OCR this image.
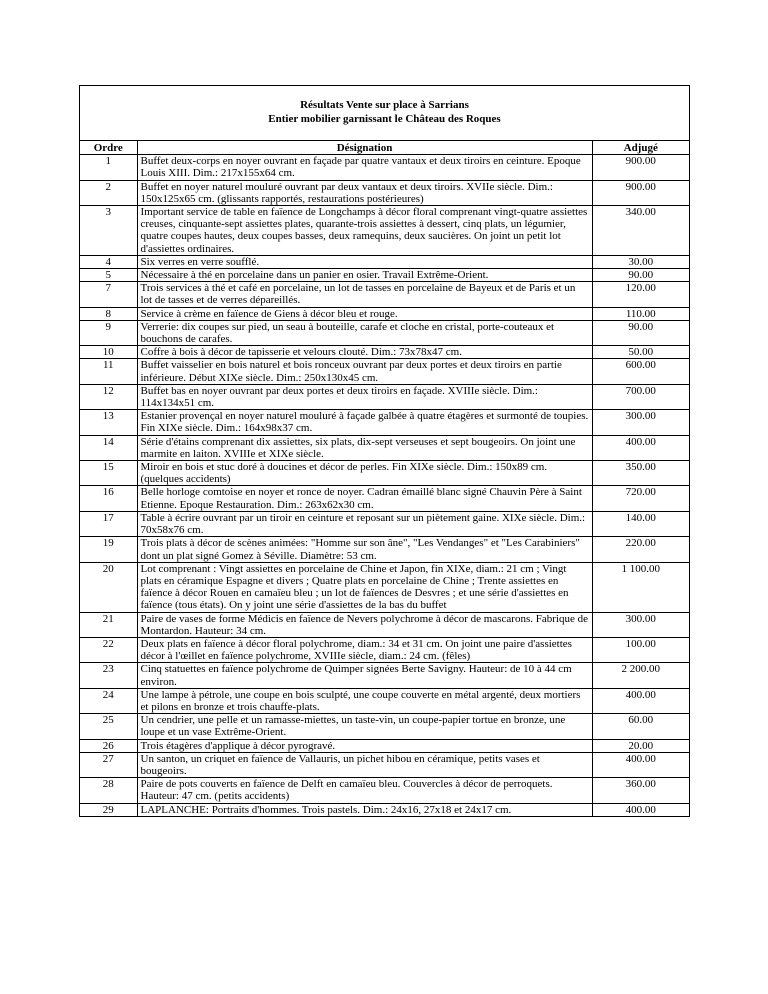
Résultats Vente sur place à Sarrians
Entier mobilier garnissant le Château des Roques
Ordre	Désignation	Adjugé
1	Buffet deux-corps en noyer ouvrant en façade par quatre vantaux et deux tiroirs en ceinture. Epoque Louis XIII. Dim.: 217x155x64 cm.	900.00
2	Buffet en noyer naturel mouluré ouvrant par deux vantaux et deux tiroirs. XVIIe siècle. Dim.: 150x125x65 cm. (glissants rapportés, restaurations postérieures)	900.00
3	Important service de table en faïence de Longchamps à décor floral comprenant vingt-quatre assiettes creuses, cinquante-sept assiettes plates, quarante-trois assiettes à dessert, cinq plats, un légumier, quatre coupes hautes, deux coupes basses, deux ramequins, deux saucières. On joint un petit lot d'assiettes ordinaires.	340.00
4	Six verres en verre soufflé.	30.00
5	Nécessaire à thé en porcelaine dans un panier en osier. Travail Extrême-Orient.	90.00
7	Trois services à thé et café en porcelaine, un lot de tasses en porcelaine de Bayeux et de Paris et un lot de tasses et de verres dépareillés.	120.00
8	Service à crème en faïence de Giens à décor bleu et rouge.	110.00
9	Verrerie: dix coupes sur pied, un seau à bouteille, carafe et cloche en cristal, porte-couteaux et bouchons de carafes.	90.00
10	Coffre à bois à décor de tapisserie et velours clouté. Dim.: 73x78x47 cm.	50.00
11	Buffet vaisselier en bois naturel et bois ronceux ouvrant par deux portes et deux tiroirs en partie inférieure. Début XIXe siècle. Dim.: 250x130x45 cm.	600.00
12	Buffet bas en noyer ouvrant par deux portes et deux tiroirs en façade. XVIIIe siècle. Dim.: 114x134x51 cm.	700.00
13	Estanier provençal en noyer naturel mouluré à façade galbée à quatre étagères et surmonté de toupies. Fin XIXe siècle. Dim.: 164x98x37 cm.	300.00
14	Série d'étains comprenant dix assiettes, six plats, dix-sept verseuses et sept bougeoirs. On joint une marmite en laiton. XVIIIe et XIXe siècle.	400.00
15	Miroir en bois et stuc doré à doucines et décor de perles. Fin XIXe siècle. Dim.: 150x89 cm. (quelques accidents)	350.00
16	Belle horloge comtoise en noyer et ronce de noyer. Cadran émaillé blanc signé Chauvin Père à Saint Etienne. Epoque Restauration. Dim.: 263x62x30 cm.	720.00
17	Table à écrire ouvrant par un tiroir en ceinture et reposant sur un piètement gaine. XIXe siècle. Dim.: 70x58x76 cm.	140.00
19	Trois plats à décor de scènes animées: "Homme sur son âne", "Les Vendanges" et "Les Carabiniers" dont un plat signé Gomez à Séville. Diamètre: 53 cm.	220.00
20	Lot comprenant : Vingt assiettes en porcelaine de Chine et Japon, fin XIXe, diam.: 21 cm ; Vingt plats en céramique Espagne et divers ; Quatre plats en porcelaine de Chine ; Trente assiettes en faïence à décor Rouen en camaïeu bleu ; un lot de faïences de Desvres ; et une série d'assiettes en faïence (tous états). On y joint une série d'assiettes de la bas du buffet	1 100.00
21	Paire de vases de forme Médicis en faïence de Nevers polychrome à décor de mascarons. Fabrique de Montardon. Hauteur: 34 cm.	300.00
22	Deux plats en faïence à décor floral polychrome, diam.: 34 et 31 cm. On joint une paire d'assiettes décor à l'œillet en faïence polychrome, XVIIIe siècle, diam.: 24 cm. (fêles)	100.00
23	Cinq statuettes en faïence polychrome de Quimper signées Berte Savigny. Hauteur: de 10 à 44 cm environ.	2 200.00
24	Une lampe à pétrole, une coupe en bois sculpté, une coupe couverte en métal argenté, deux mortiers et pilons en bronze et trois chauffe-plats.	400.00
25	Un cendrier, une pelle et un ramasse-miettes, un taste-vin, un coupe-papier tortue en bronze, une loupe et un vase Extrême-Orient.	60.00
26	Trois étagères d'applique à décor pyrogravé.	20.00
27	Un santon, un criquet en faïence de Vallauris, un pichet hibou en céramique, petits vases et bougeoirs.	400.00
28	Paire de pots couverts en faïence de Delft en camaïeu bleu. Couvercles à décor de perroquets. Hauteur: 47 cm. (petits accidents)	360.00
29	LAPLANCHE: Portraits d'hommes. Trois pastels. Dim.: 24x16, 27x18 et 24x17 cm.	400.00
